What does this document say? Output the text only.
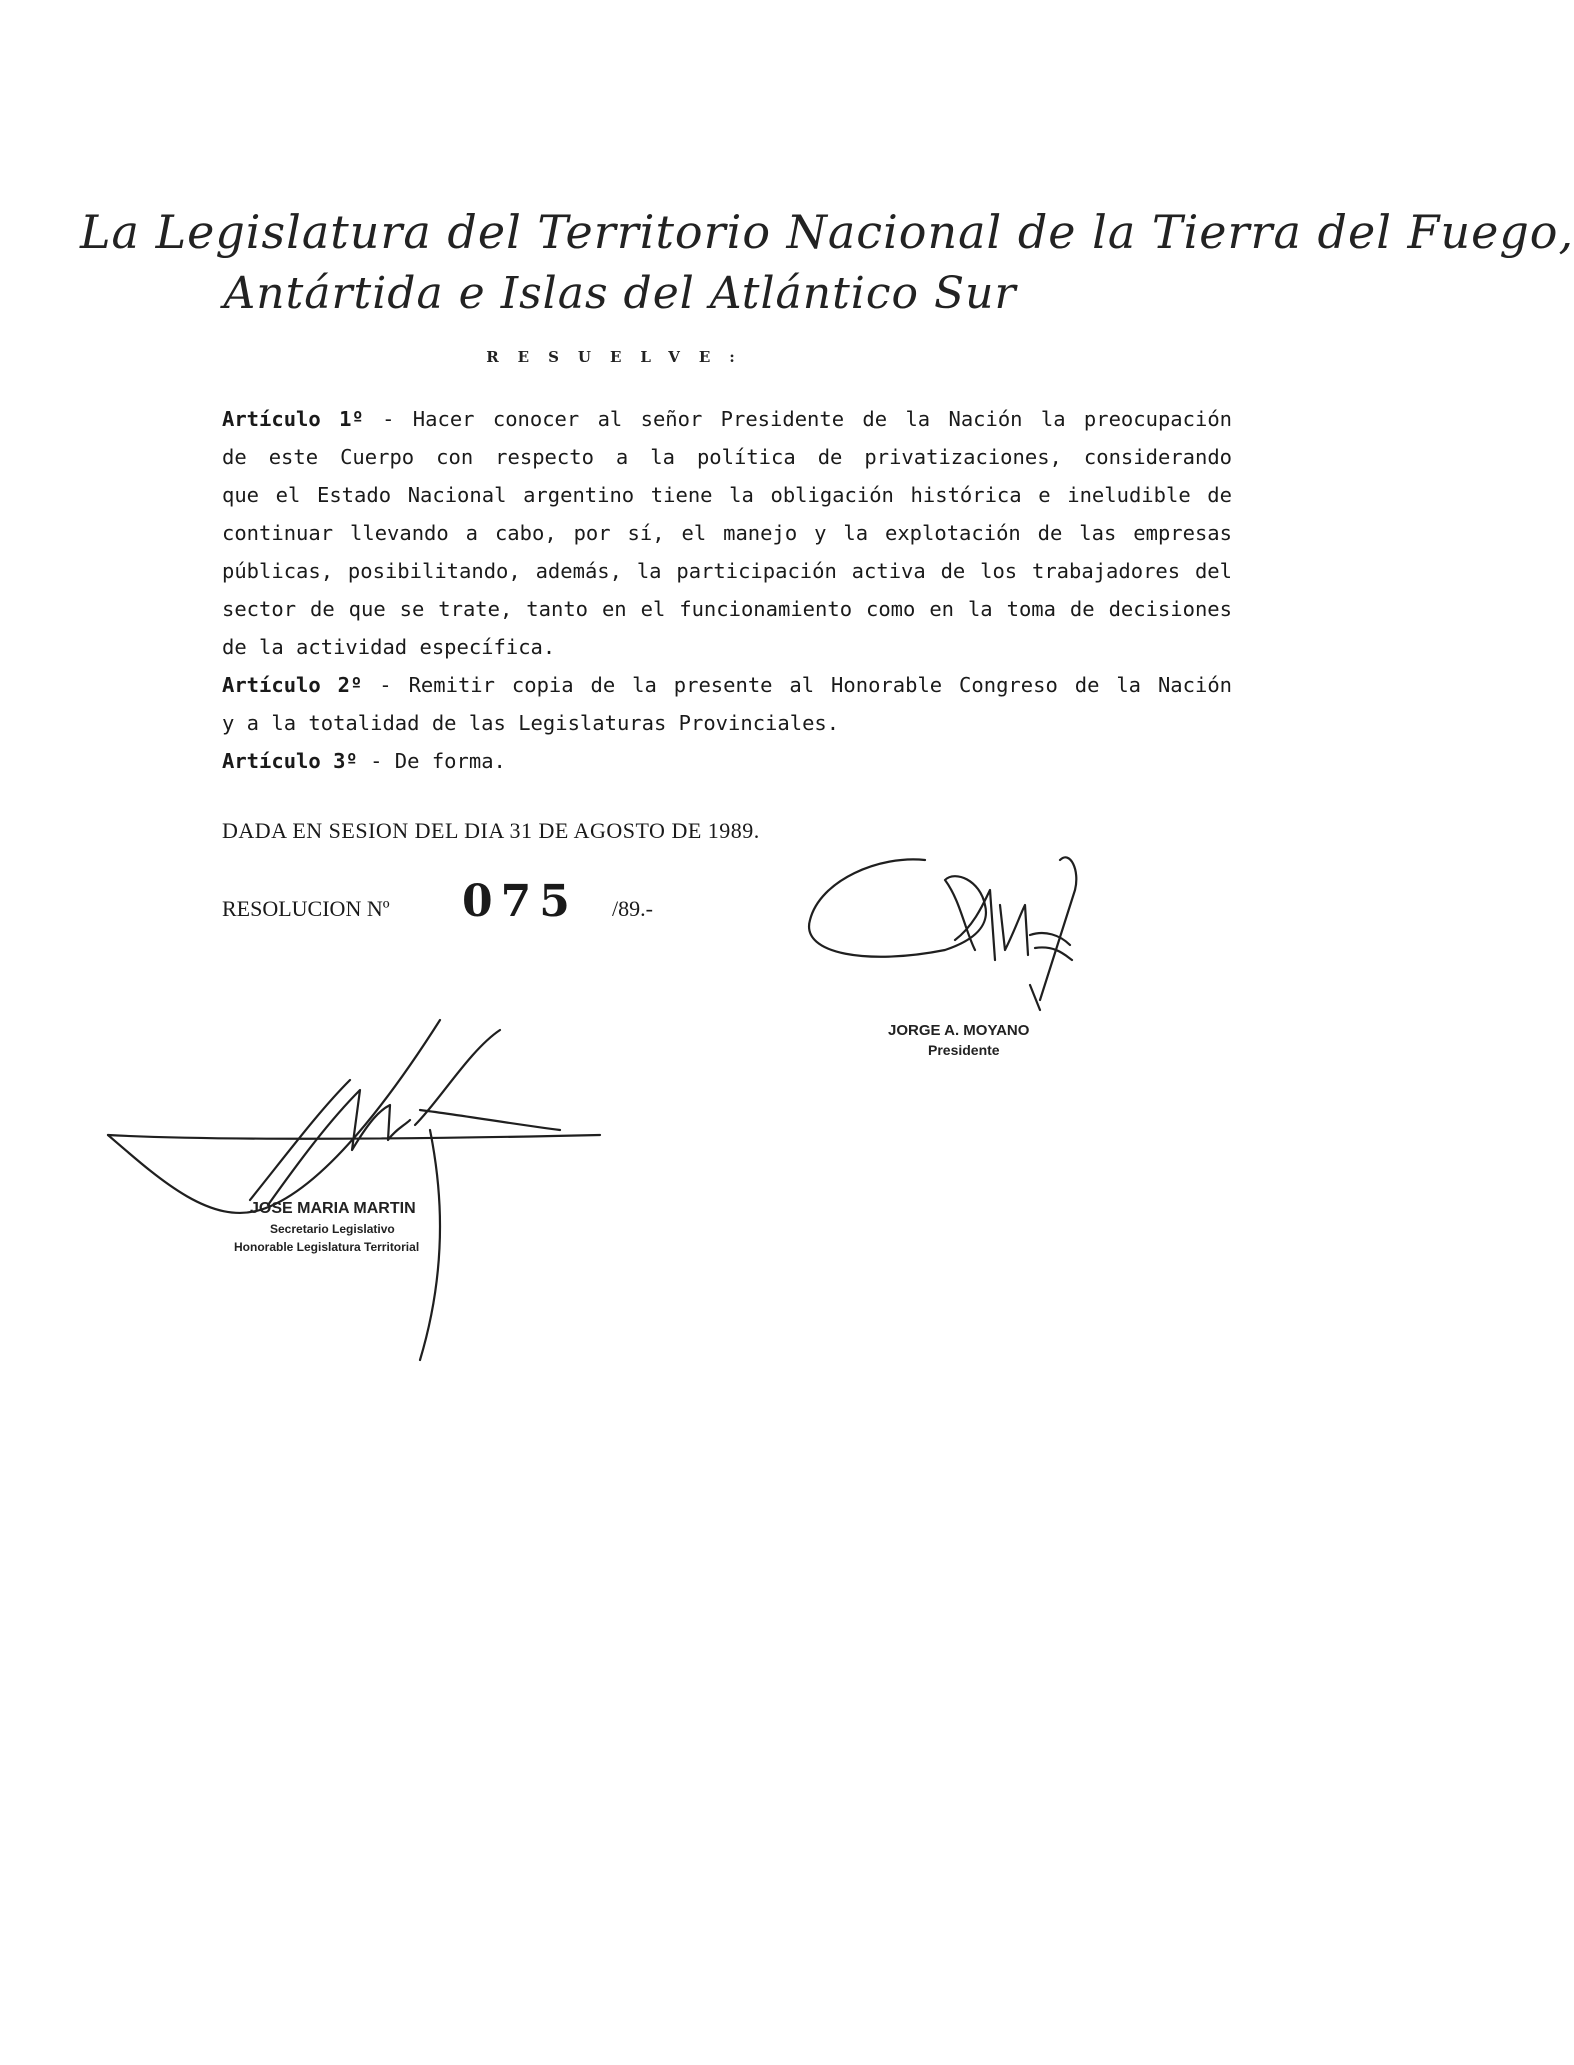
La Legislatura del Territorio Nacional de la Tierra del Fuego,
Antártida e Islas del Atlántico Sur
RESUELVE:
Artículo 1º - Hacer conocer al señor Presidente de la Nación la preocupación
de este Cuerpo con respecto a la política de privatizaciones, considerando
que el Estado Nacional argentino tiene la obligación histórica e ineludible de
continuar llevando a cabo, por sí, el manejo y la explotación de las empresas
públicas, posibilitando, además, la participación activa de los trabajadores del
sector de que se trate, tanto en el funcionamiento como en la toma de decisiones
de la actividad específica.
Artículo 2º - Remitir copia de la presente al Honorable Congreso de la Nación
y a la totalidad de las Legislaturas Provinciales.
Artículo 3º - De forma.
DADA EN SESION DEL DIA 31 DE AGOSTO DE 1989.
RESOLUCION Nº 075 /89.-
JORGE A. MOYANO
Presidente
JOSE MARIA MARTIN
Secretario Legislativo
Honorable Legislatura Territorial
